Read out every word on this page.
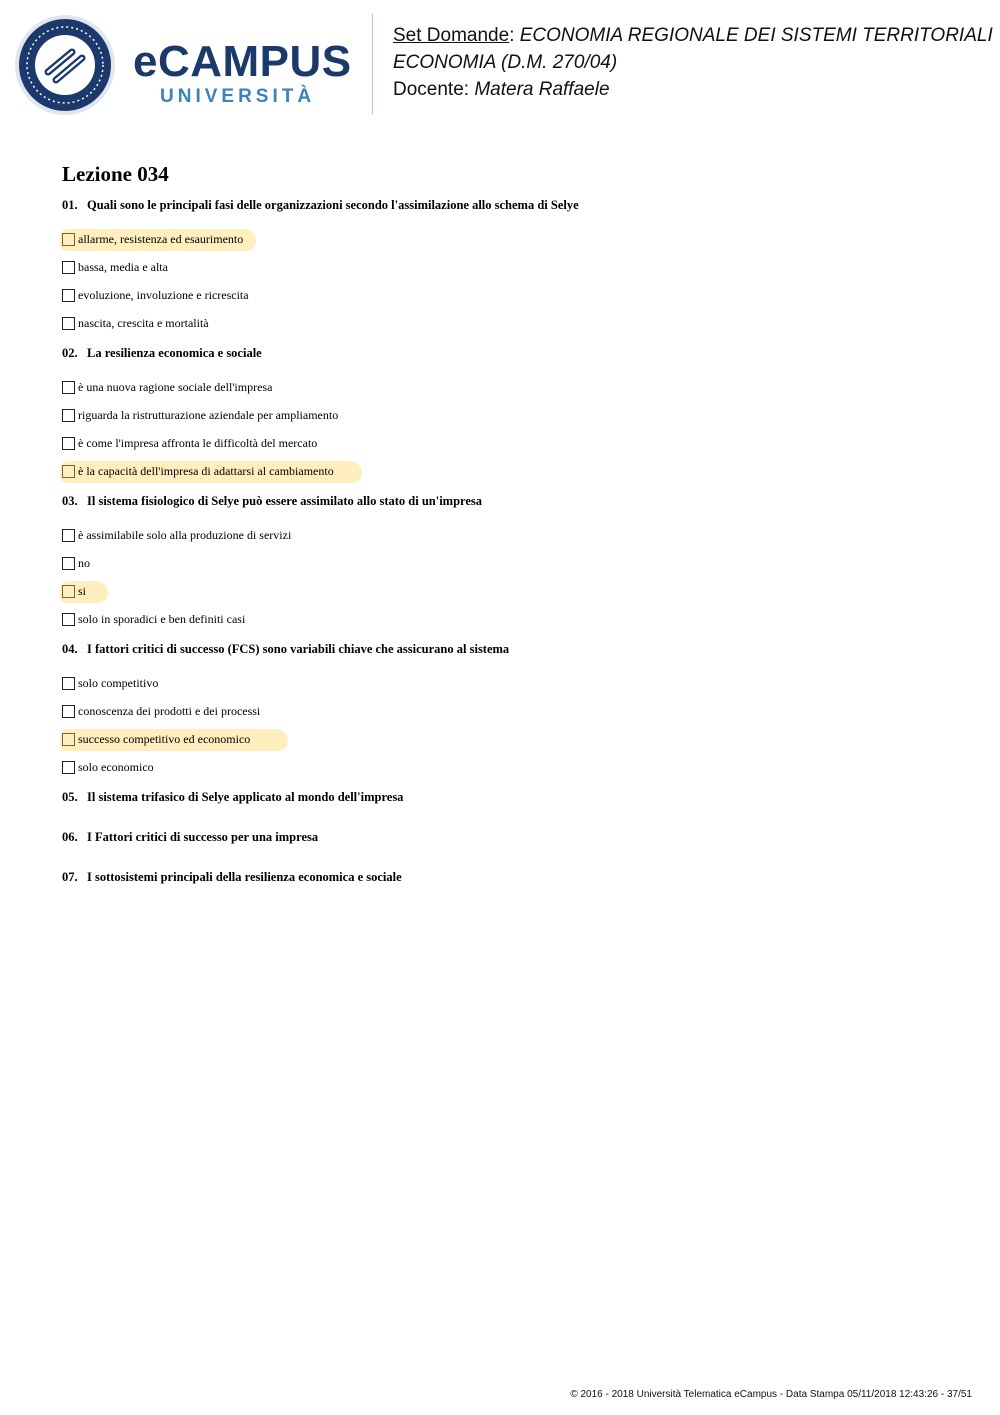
eCAMPUS
UNIVERSITÀ
Set Domande: ECONOMIA REGIONALE DEI SISTEMI TERRITORIALI
ECONOMIA (D.M. 270/04)
Docente: Matera Raffaele
Lezione 034
01. Quali sono le principali fasi delle organizzazioni secondo l'assimilazione allo schema di Selye
allarme, resistenza ed esaurimento
bassa, media e alta
evoluzione, involuzione e ricrescita
nascita, crescita e mortalità
02. La resilienza economica e sociale
è una nuova ragione sociale dell'impresa
riguarda la ristrutturazione aziendale per ampliamento
è come l'impresa affronta le difficoltà del mercato
è la capacità dell'impresa di adattarsi al cambiamento
03. Il sistema fisiologico di Selye può essere assimilato allo stato di un'impresa
è assimilabile solo alla produzione di servizi
no
si
solo in sporadici e ben definiti casi
04. I fattori critici di successo (FCS) sono variabili chiave che assicurano al sistema
solo competitivo
conoscenza dei prodotti e dei processi
successo competitivo ed economico
solo economico
05. Il sistema trifasico di Selye applicato al mondo dell'impresa
06. I Fattori critici di successo per una impresa
07. I sottosistemi principali della resilienza economica e sociale
© 2016 - 2018 Università Telematica eCampus - Data Stampa 05/11/2018 12:43:26 - 37/51
